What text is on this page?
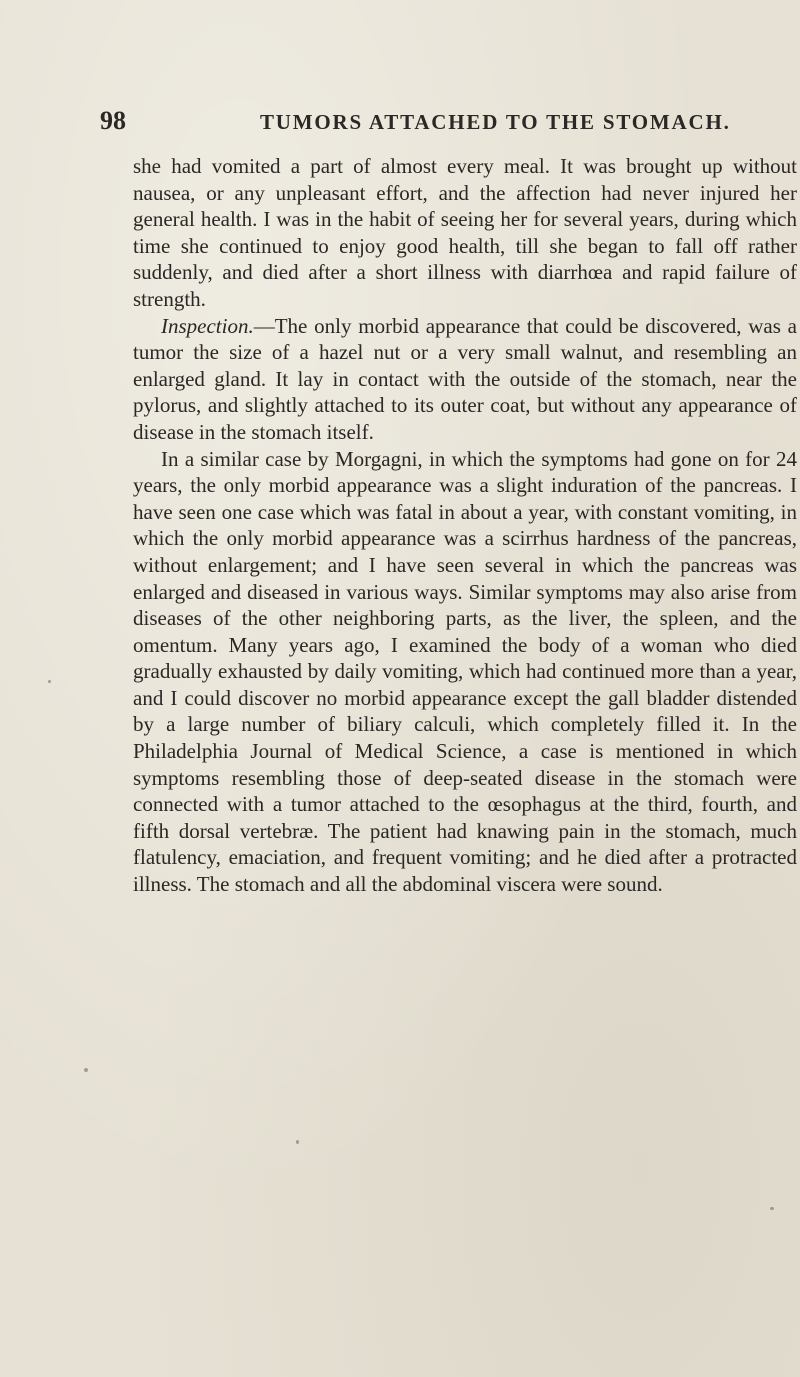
98	TUMORS ATTACHED TO THE STOMACH.

she had vomited a part of almost every meal. It was brought up without nausea, or any unpleasant effort, and the affection had never injured her general health. I was in the habit of seeing her for several years, during which time she continued to enjoy good health, till she began to fall off rather suddenly, and died after a short illness with diarrhœa and rapid failure of strength.

Inspection.—The only morbid appearance that could be discovered, was a tumor the size of a hazel nut or a very small walnut, and resembling an enlarged gland. It lay in contact with the outside of the stomach, near the pylorus, and slightly attached to its outer coat, but without any appearance of disease in the stomach itself.

In a similar case by Morgagni, in which the symptoms had gone on for 24 years, the only morbid appearance was a slight induration of the pancreas. I have seen one case which was fatal in about a year, with constant vomiting, in which the only morbid appearance was a scirrhus hardness of the pancreas, without enlargement; and I have seen several in which the pancreas was enlarged and diseased in various ways. Similar symptoms may also arise from diseases of the other neighboring parts, as the liver, the spleen, and the omentum. Many years ago, I examined the body of a woman who died gradually exhausted by daily vomiting, which had continued more than a year, and I could discover no morbid appearance except the gall bladder distended by a large number of biliary calculi, which completely filled it. In the Philadelphia Journal of Medical Science, a case is mentioned in which symptoms resembling those of deep-seated disease in the stomach were connected with a tumor attached to the œsophagus at the third, fourth, and fifth dorsal vertebræ. The patient had knawing pain in the stomach, much flatulency, emaciation, and frequent vomiting; and he died after a protracted illness. The stomach and all the abdominal viscera were sound.
